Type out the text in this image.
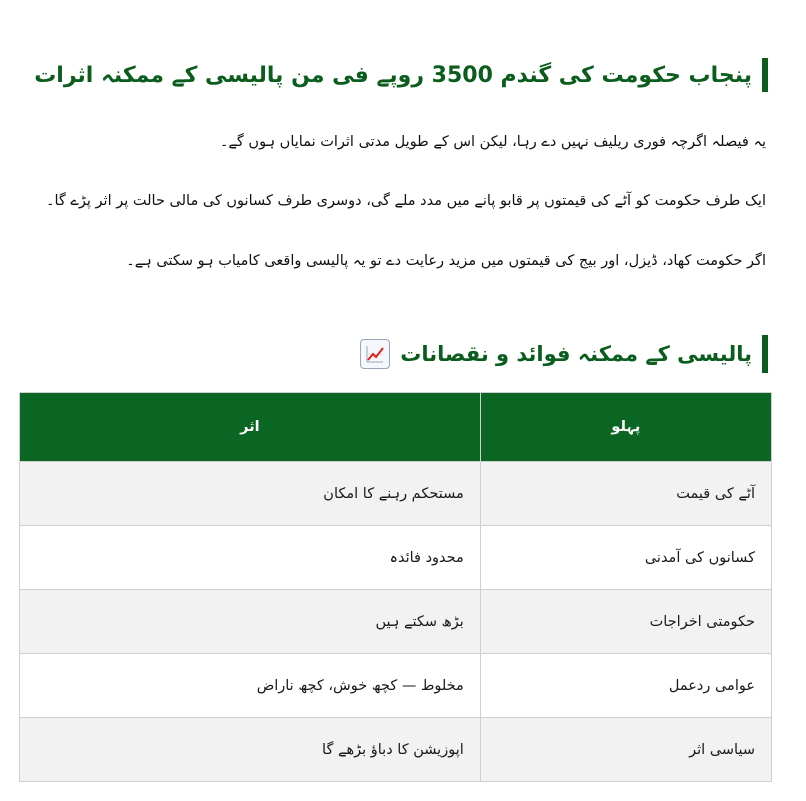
پنجاب حکومت کی گندم 3500 روپے فی من پالیسی کے ممکنہ اثرات

یہ فیصلہ اگرچہ فوری ریلیف نہیں دے رہا، لیکن اس کے طویل مدتی اثرات نمایاں ہوں گے۔

ایک طرف حکومت کو آٹے کی قیمتوں پر قابو پانے میں مدد ملے گی، دوسری طرف کسانوں کی مالی حالت پر اثر پڑے گا۔

اگر حکومت کھاد، ڈیزل، اور بیج کی قیمتوں میں مزید رعایت دے تو یہ پالیسی واقعی کامیاب ہو سکتی ہے۔

پالیسی کے ممکنہ فوائد و نقصانات
پہلو	اثر
آٹے کی قیمت	مستحکم رہنے کا امکان
کسانوں کی آمدنی	محدود فائدہ
حکومتی اخراجات	بڑھ سکتے ہیں
عوامی ردعمل	مخلوط — کچھ خوش، کچھ ناراض
سیاسی اثر	اپوزیشن کا دباؤ بڑھے گا
